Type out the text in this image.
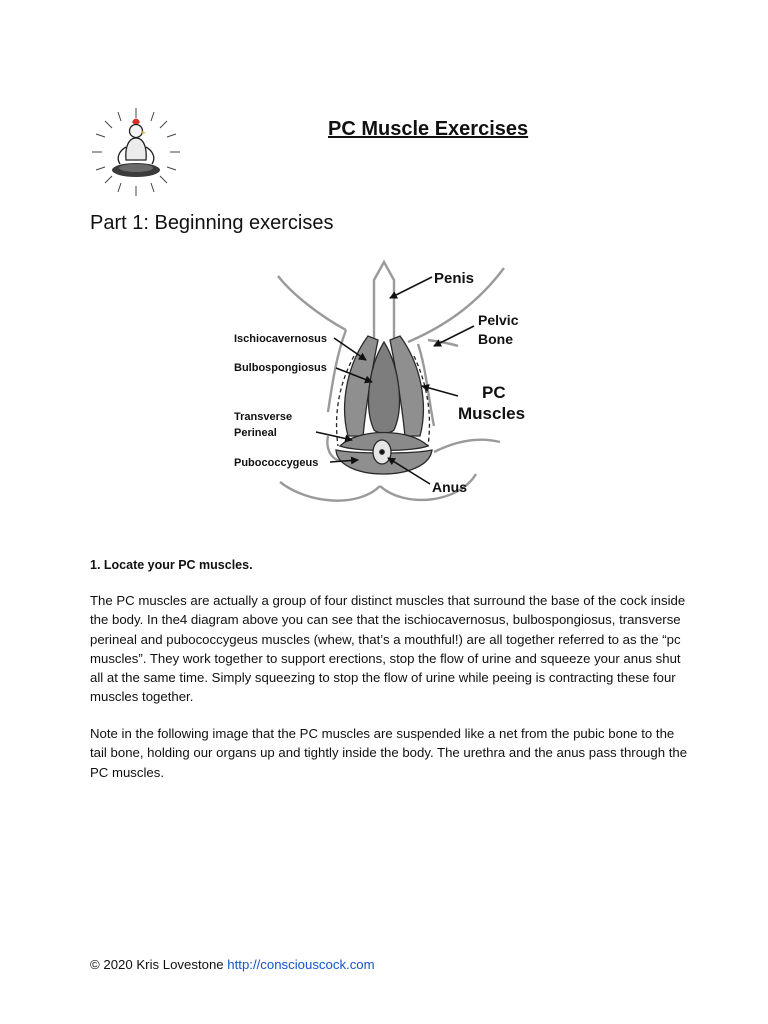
PC Muscle Exercises
Part 1: Beginning exercises
Penis
Pelvic
Bone
PC
Muscles
Ischiocavernosus
Bulbospongiosus
Transverse
Perineal
Pubococcygeus
Anus
1. Locate your PC muscles.

The PC muscles are actually a group of four distinct muscles that surround the base of the cock inside the body. In the4 diagram above you can see that the ischiocavernosus, bulbospongiosus, transverse perineal and pubococcygeus muscles (whew, that’s a mouthful!) are all together referred to as the “pc muscles”. They work together to support erections, stop the flow of urine and squeeze your anus shut all at the same time. Simply squeezing to stop the flow of urine while peeing is contracting these four muscles together.

Note in the following image that the PC muscles are suspended like a net from the pubic bone to the tail bone, holding our organs up and tightly inside the body. The urethra and the anus pass through the PC muscles.

© 2020 Kris Lovestone http://consciouscock.com
